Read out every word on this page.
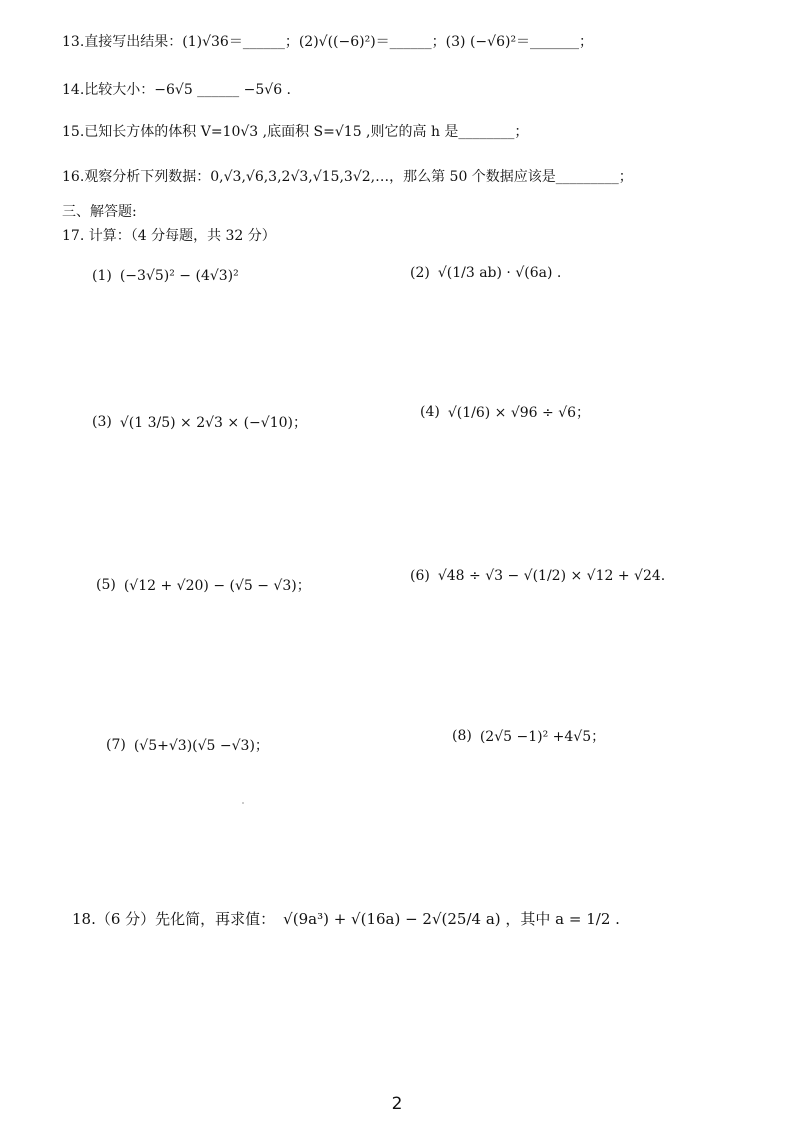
13.直接写出结果：(1)√36＝______；(2)√((−6)²)＝______；(3) (−√6)²＝_______；
14.比较大小：−6√5 ______ −5√6 .
15.已知长方体的体积 V=10√3 ,底面积 S=√15 ,则它的高 h 是________；
16.观察分析下列数据：0,√3,√6,3,2√3,√15,3√2,…，那么第 50 个数据应该是_________；
三、解答题:
17. 计算：（4 分每题，共 32 分）
(1) (−3√5)² − (4√3)²	(2) √(1/3 ab) · √(6a) .
(3) √(1 3/5) × 2√3 × (−√10)；
(4) √(1/6) × √96 ÷ √6；
(5) (√12 + √20) − (√5 − √3)；
(6) √48 ÷ √3 − √(1/2) × √12 + √24.
(7) (√5+√3)(√5 −√3)；
(8) (2√5 −1)² +4√5；
18.（6 分）先化简，再求值： √(9a³) + √(16a) − 2√(25/4 a) ，其中 a = 1/2 .
2
